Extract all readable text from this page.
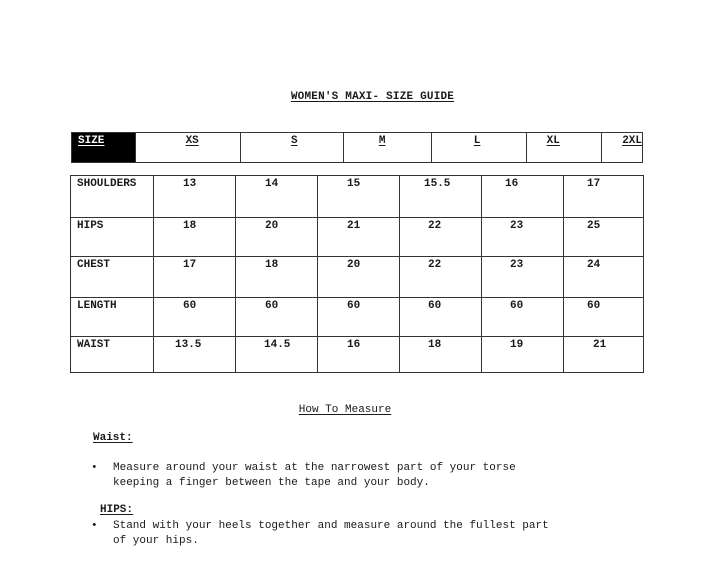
WOMEN'S MAXI- SIZE GUIDE
SIZE	XS	S	M	L	XL	2XL
SHOULDERS	13	14	15	15.5	16	17
HIPS	18	20	21	22	23	25
CHEST	17	18	20	22	23	24
LENGTH	60	60	60	60	60	60
WAIST	13.5	14.5	16	18	19	21
How To Measure
Waist:
• Measure around your waist at the narrowest part of your torse
keeping a finger between the tape and your body.
HIPS:
• Stand with your heels together and measure around the fullest part
of your hips.
